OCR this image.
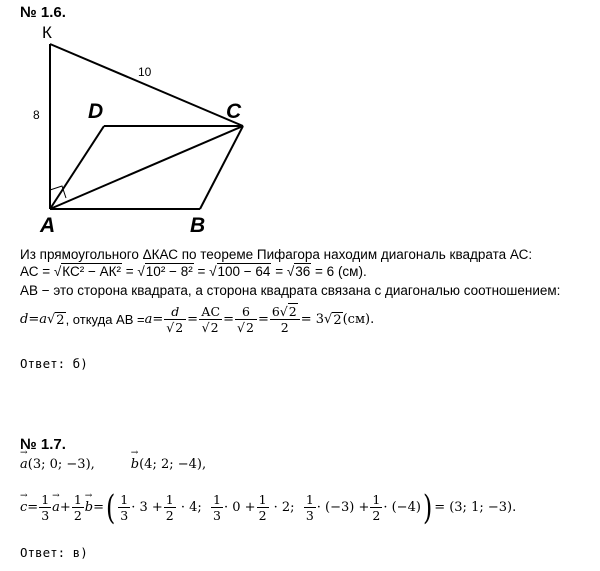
№ 1.6.
К
10
8 D	C
A	B
Из прямоугольного ΔКАС по теореме Пифагора находим диагональ квадрата АС:
АС = √КС² − АК² = √10² − 8² = √100 − 64 = √36 = 6 (см).
АВ − это сторона квадрата, а сторона квадрата связана с диагональю соотношением:
d = a √ 2 , откуда АВ = $a = \frac{d}{√2} = \frac{АС}{√2} = \frac{6}{√2} = \frac{6√2}{2} = 3$ √ 2 (см).
Ответ: б)
№ 1.7.
→ a (3; 0; −3),
→	b (4; 2; −4),
→ $c = \frac{1}{3}$
→ $a + \frac{1}{2}$
→ b = ( $\frac{1}{3} \cdot 3 + \frac{1}{2} \cdot 4$; $\frac{1}{3} \cdot 0 + \frac{1}{2} \cdot 2$; $\frac{1}{3} \cdot (-3) + \frac{1}{2} \cdot (-4)$ ) = (3; 1; −3).
Ответ: в)
